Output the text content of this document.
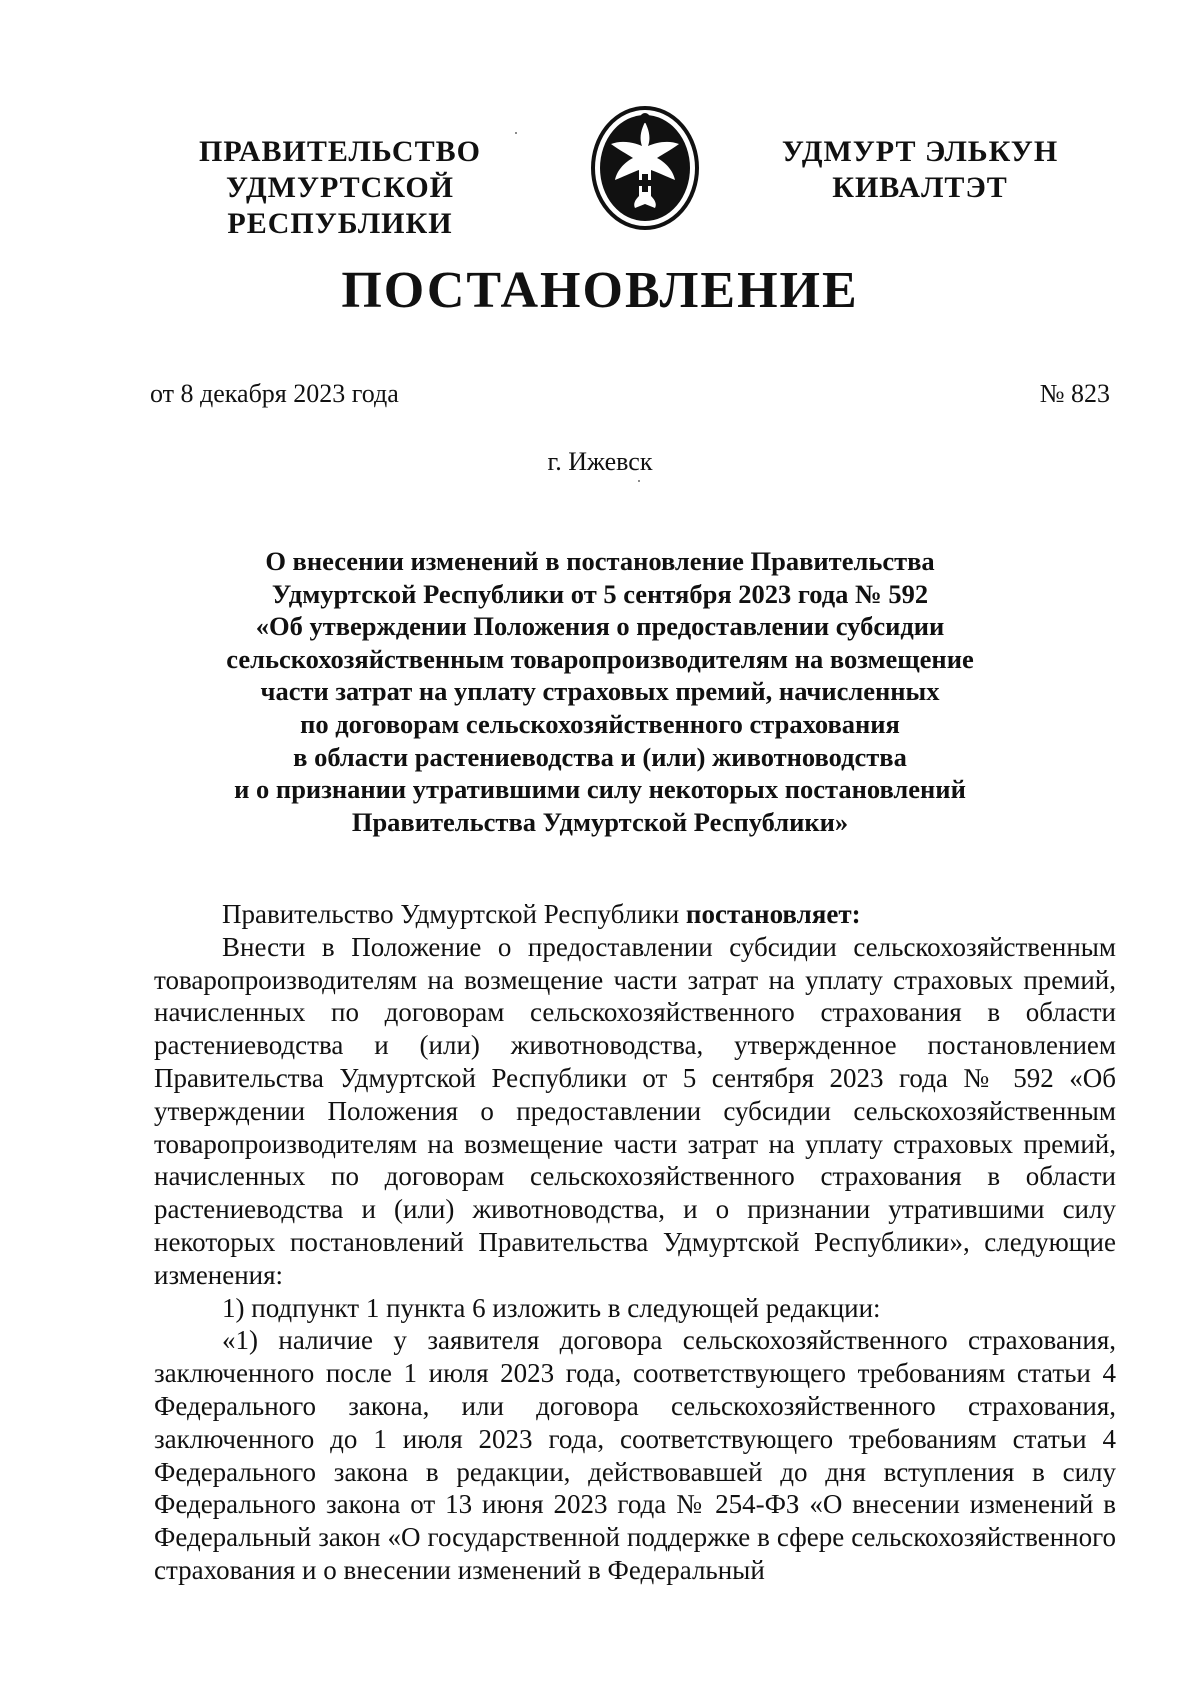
ПРАВИТЕЛЬСТВО
УДМУРТСКОЙ РЕСПУБЛИКИ
УДМУРТ ЭЛЬКУН
КИВАЛТЭТ
ПОСТАНОВЛЕНИЕ
от 8 декабря 2023 года	№ 823
г. Ижевск
О внесении изменений в постановление Правительства
Удмуртской Республики от 5 сентября 2023 года № 592
«Об утверждении Положения о предоставлении субсидии
сельскохозяйственным товаропроизводителям на возмещение
части затрат на уплату страховых премий, начисленных
по договорам сельскохозяйственного страхования
в области растениеводства и (или) животноводства
и о признании утратившими силу некоторых постановлений
Правительства Удмуртской Республики»

Правительство Удмуртской Республики постановляет:

Внести в Положение о предоставлении субсидии сельскохозяйственным товаропроизводителям на возмещение части затрат на уплату страховых премий, начисленных по договорам сельскохозяйственного страхования в области растениеводства и (или) животноводства, утвержденное постановлением Правительства Удмуртской Республики от 5 сентября 2023 года № 592 «Об утверждении Положения о предоставлении субсидии сельскохозяйственным товаропроизводителям на возмещение части затрат на уплату страховых премий, начисленных по договорам сельскохозяйственного страхования в области растениеводства и (или) животноводства, и о признании утратившими силу некоторых постановлений Правительства Удмуртской Республики», следующие изменения:

1) подпункт 1 пункта 6 изложить в следующей редакции:

«1) наличие у заявителя договора сельскохозяйственного страхования, заключенного после 1 июля 2023 года, соответствующего требованиям статьи 4 Федерального закона, или договора сельскохозяйственного страхования, заключенного до 1 июля 2023 года, соответствующего требованиям статьи 4 Федерального закона в редакции, действовавшей до дня вступления в силу Федерального закона от 13 июня 2023 года № 254-ФЗ «О внесении изменений в Федеральный закон «О государственной поддержке в сфере сельскохозяйственного страхования и о внесении изменений в Федеральный
